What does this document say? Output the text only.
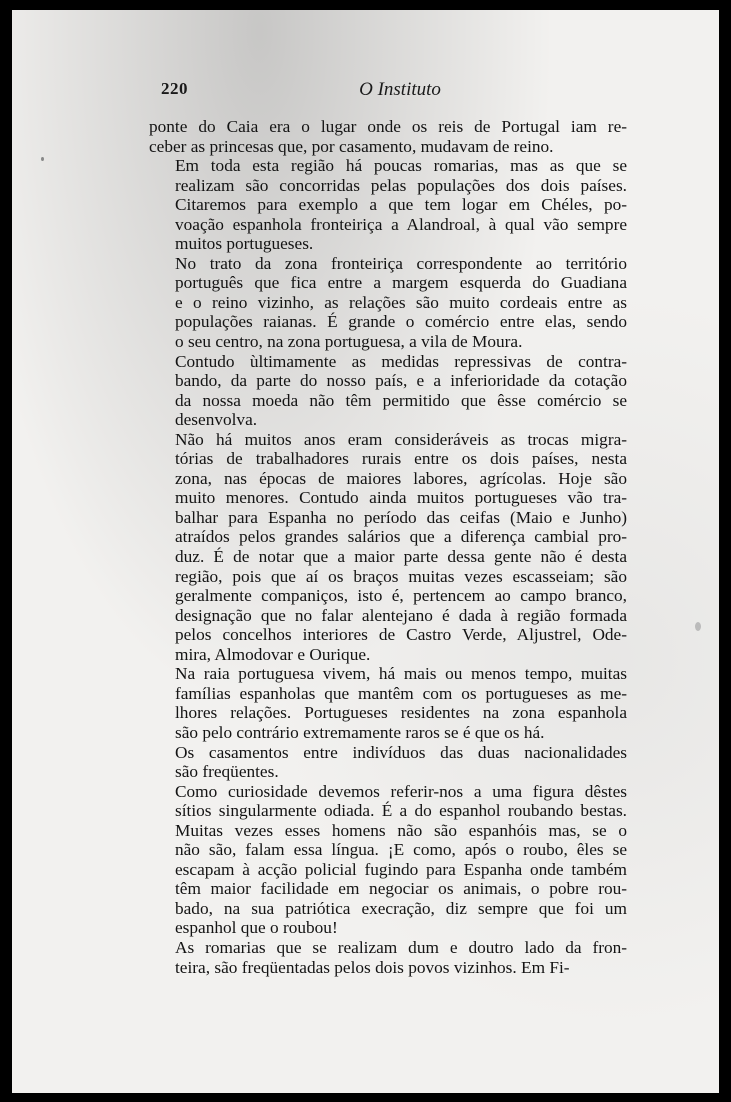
220	O Instituto

ponte do Caia era o lugar onde os reis de Portugal iam re-
ceber as princesas que, por casamento, mudavam de reino.

Em toda esta região há poucas romarias, mas as que se
realizam são concorridas pelas populações dos dois países.
Citaremos para exemplo a que tem logar em Chéles, po-
voação espanhola fronteiriça a Alandroal, à qual vão sempre
muitos portugueses.

No trato da zona fronteiriça correspondente ao território
português que fica entre a margem esquerda do Guadiana
e o reino vizinho, as relações são muito cordeais entre as
populações raianas. É grande o comércio entre elas, sendo
o seu centro, na zona portuguesa, a vila de Moura.

Contudo ùltimamente as medidas repressivas de contra-
bando, da parte do nosso país, e a inferioridade da cotação
da nossa moeda não têm permitido que êsse comércio se
desenvolva.

Não há muitos anos eram consideráveis as trocas migra-
tórias de trabalhadores rurais entre os dois países, nesta
zona, nas épocas de maiores labores, agrícolas. Hoje são
muito menores. Contudo ainda muitos portugueses vão tra-
balhar para Espanha no período das ceifas (Maio e Junho)
atraídos pelos grandes salários que a diferença cambial pro-
duz. É de notar que a maior parte dessa gente não é desta
região, pois que aí os braços muitas vezes escasseiam; são
geralmente companiços, isto é, pertencem ao campo branco,
designação que no falar alentejano é dada à região formada
pelos concelhos interiores de Castro Verde, Aljustrel, Ode-
mira, Almodovar e Ourique.

Na raia portuguesa vivem, há mais ou menos tempo, muitas
famílias espanholas que mantêm com os portugueses as me-
lhores relações. Portugueses residentes na zona espanhola
são pelo contrário extremamente raros se é que os há.

Os casamentos entre indivíduos das duas nacionalidades
são freqüentes.

Como curiosidade devemos referir-nos a uma figura dêstes
sítios singularmente odiada. É a do espanhol roubando bestas.
Muitas vezes esses homens não são espanhóis mas, se o
não são, falam essa língua. ¡E como, após o roubo, êles se
escapam à acção policial fugindo para Espanha onde também
têm maior facilidade em negociar os animais, o pobre rou-
bado, na sua patriótica execração, diz sempre que foi um
espanhol que o roubou!

As romarias que se realizam dum e doutro lado da fron-
teira, são freqüentadas pelos dois povos vizinhos. Em Fi-
